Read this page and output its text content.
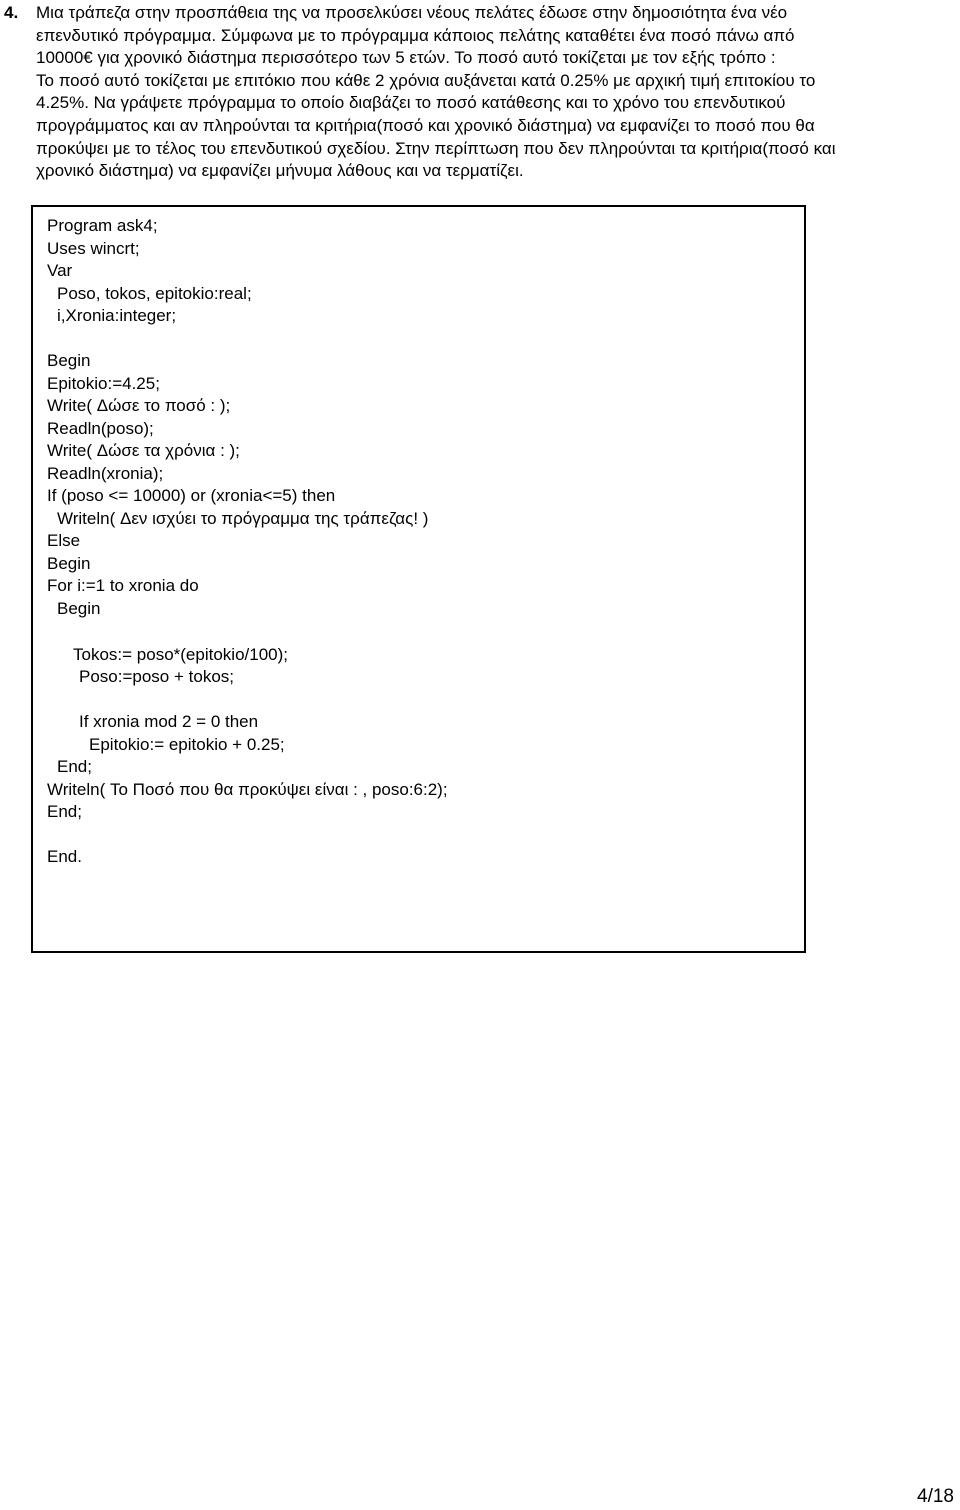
4. Μια τράπεζα στην προσπάθεια της να προσελκύσει νέους πελάτες έδωσε στην δημοσιότητα ένα νέο
επενδυτικό πρόγραμμα. Σύμφωνα με το πρόγραμμα κάποιος πελάτης καταθέτει ένα ποσό πάνω από
10000€ για χρονικό διάστημα περισσότερο των 5 ετών. Το ποσό αυτό τοκίζεται με τον εξής τρόπο :
Το ποσό αυτό τοκίζεται με επιτόκιο που κάθε 2 χρόνια αυξάνεται κατά 0.25% με αρχική τιμή επιτοκίου το
4.25%. Να γράψετε πρόγραμμα το οποίο διαβάζει το ποσό κατάθεσης και το χρόνο του επενδυτικού
προγράμματος και αν πληρούνται τα κριτήρια(ποσό και χρονικό διάστημα) να εμφανίζει το ποσό που θα
προκύψει με το τέλος του επενδυτικού σχεδίου. Στην περίπτωση που δεν πληρούνται τα κριτήρια(ποσό και
χρονικό διάστημα) να εμφανίζει μήνυμα λάθους και να τερματίζει.
Program ask4;
Uses wincrt;
Var
Poso, tokos, epitokio:real;
i,Xronia:integer;
Begin
Epitokio:=4.25;
Write( Δώσε το ποσό : );
Readln(poso);
Write( Δώσε τα χρόνια : );
Readln(xronia);
If (poso <= 10000) or (xronia<=5) then
Writeln( Δεν ισχύει το πρόγραμμα της τράπεζας! )
Else
Begin
For i:=1 to xronia do
Begin
Tokos:= poso*(epitokio/100);
Poso:=poso + tokos;
If xronia mod 2 = 0 then
Epitokio:= epitokio + 0.25;
End;
Writeln( Το Ποσό που θα προκύψει είναι : , poso:6:2);
End;
End.
4/18
